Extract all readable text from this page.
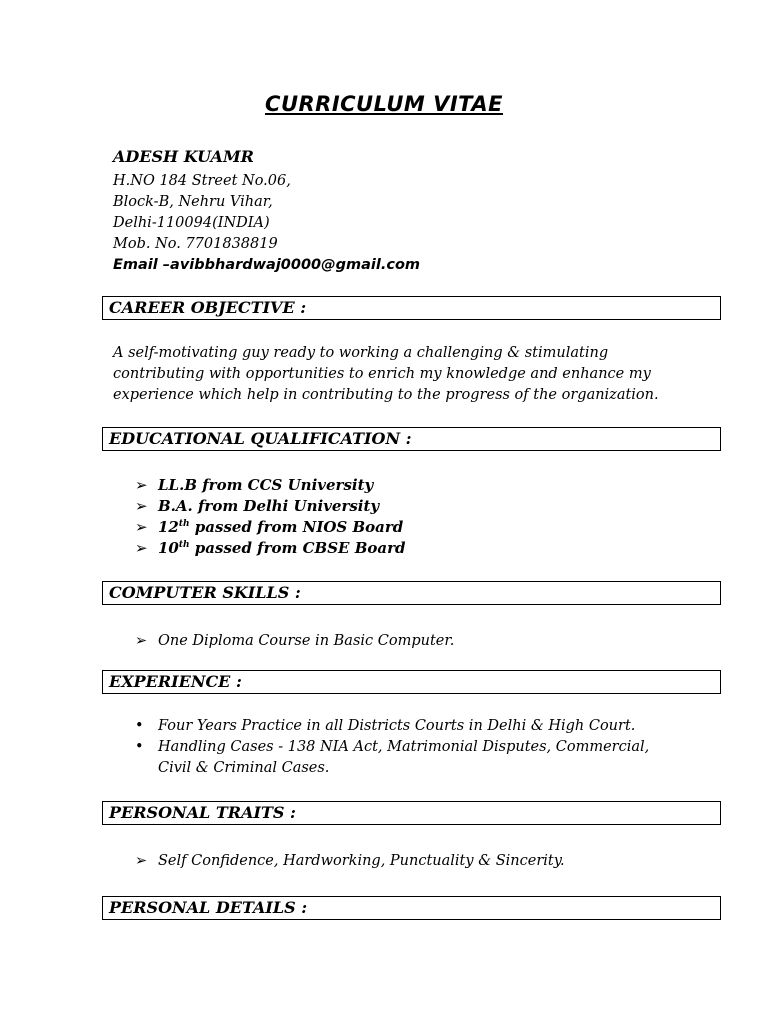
CURRICULUM VITAE
ADESH KUAMR
H.NO 184 Street No.06,
Block-B, Nehru Vihar,
Delhi-110094(INDIA)
Mob. No. 7701838819
Email –avibbhardwaj0000@gmail.com
CAREER OBJECTIVE :
A self-motivating guy ready to working a challenging & stimulating
contributing with opportunities to enrich my knowledge and enhance my
experience which help in contributing to the progress of the organization.
EDUCATIONAL QUALIFICATION :
➢ LL.B from CCS University
➢ B.A. from Delhi University
➢ 12th passed from NIOS Board
➢ 10th passed from CBSE Board
COMPUTER SKILLS :
➢ One Diploma Course in Basic Computer.
EXPERIENCE :
• Four Years Practice in all Districts Courts in Delhi & High Court.
• Handling Cases - 138 NIA Act, Matrimonial Disputes, Commercial,
Civil & Criminal Cases.
PERSONAL TRAITS :
➢ Self Confidence, Hardworking, Punctuality & Sincerity.
PERSONAL DETAILS :
